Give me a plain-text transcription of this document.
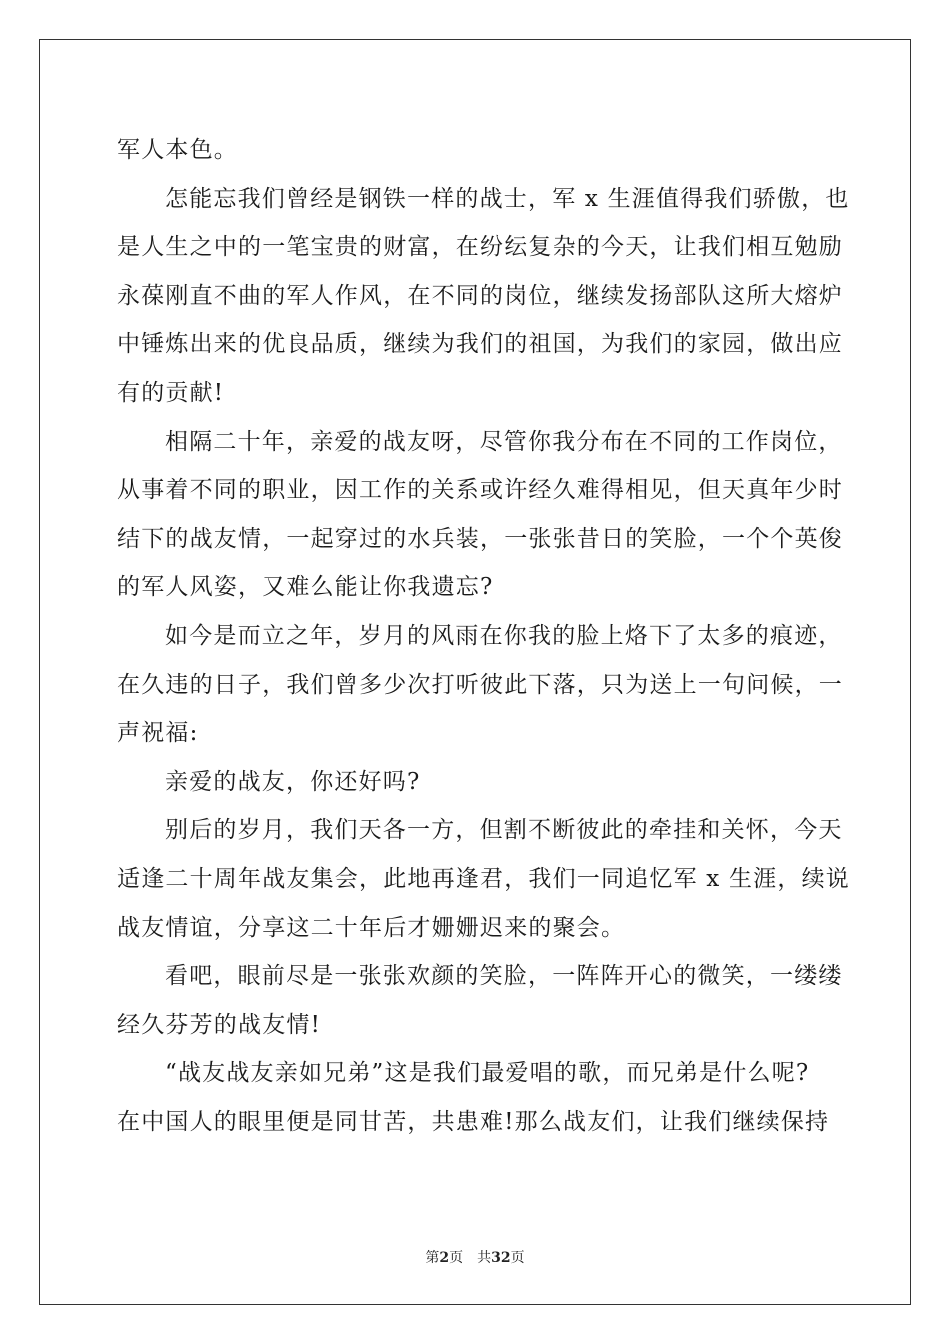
军人本色。
怎能忘我们曾经是钢铁一样的战士，军 x 生涯值得我们骄傲，也
是人生之中的一笔宝贵的财富，在纷纭复杂的今天，让我们相互勉励
永葆刚直不曲的军人作风，在不同的岗位，继续发扬部队这所大熔炉
中锤炼出来的优良品质，继续为我们的祖国，为我们的家园，做出应
有的贡献!
相隔二十年，亲爱的战友呀，尽管你我分布在不同的工作岗位，
从事着不同的职业，因工作的关系或许经久难得相见，但天真年少时
结下的战友情，一起穿过的水兵装，一张张昔日的笑脸，一个个英俊
的军人风姿，又难么能让你我遗忘?
如今是而立之年，岁月的风雨在你我的脸上烙下了太多的痕迹，
在久违的日子，我们曾多少次打听彼此下落，只为送上一句问候，一
声祝福:
亲爱的战友，你还好吗?
别后的岁月，我们天各一方，但割不断彼此的牵挂和关怀，今天
适逢二十周年战友集会，此地再逢君，我们一同追忆军 x 生涯，续说
战友情谊，分享这二十年后才姗姗迟来的聚会。
看吧，眼前尽是一张张欢颜的笑脸，一阵阵开心的微笑，一缕缕
经久芬芳的战友情!
“战友战友亲如兄弟”这是我们最爱唱的歌，而兄弟是什么呢?
在中国人的眼里便是同甘苦，共患难!那么战友们，让我们继续保持
第2页 共32页
